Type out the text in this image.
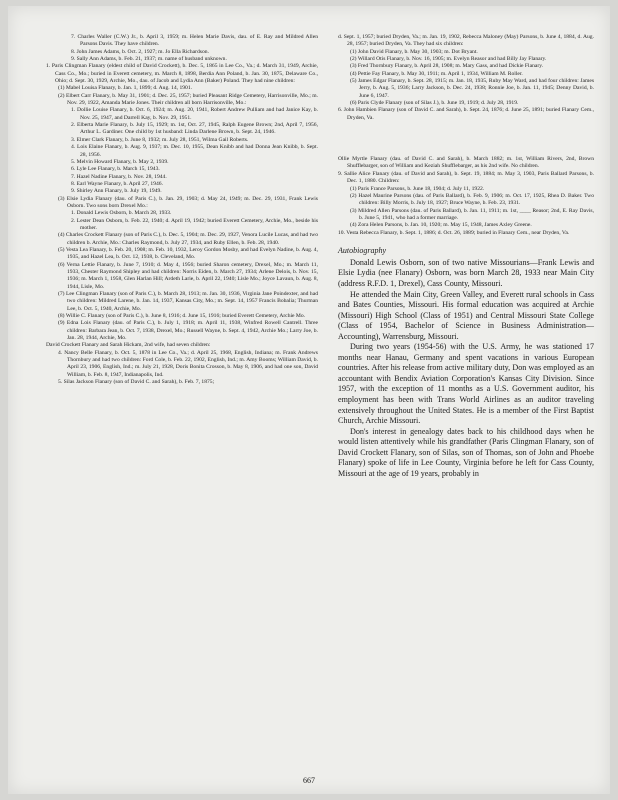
7. Charles Waller (C.W.) Jr., b. April 3, 1959; m. Helen Marie Davis, dau. of E. Ray and Mildred Allen Parsons Davis. They have children.

8. John James Adams, b. Oct. 2, 1927; m. Jo Ella Richardson.

9. Sally Ann Adams, b. Feb. 21, 1937; m. name of husband unknown.

1. Paris Clingman Flanary (eldest child of David Crockett), b. Dec. 5, 1865 in Lee Co., Va.; d. March 31, 1949, Archie, Cass Co., Mo.; buried in Everett cemetery, m. March 8, 1898, Berdia Ann Poland, b. Jan. 30, 1875, Delaware Co., Ohio; d. Sept. 30, 1929, Archie, Mo., dau. of Jacob and Lydia Ann (Baker) Poland. They had nine children:

(1) Mabel Louisa Flanary, b. Jan. 1, 1899; d. Aug. 14, 1901.

(2) Elbert Carr Flanary, b. May 31, 1901; d. Dec. 25, 1957; buried Pleasant Ridge Cemetery, Harrisonville, Mo.; m. Nov. 29, 1922, Amanda Marie Jones. Their children all born Harrisonville, Mo.:

1. Dollie Louise Flanary, b. Oct. 6, 1924; m. Aug. 20, 1941, Robert Andrew Pulliam and had Janice Kay, b. Nov. 25, 1947, and Darrell Kay, b. Nov. 29, 1951.

2. Elberta Marie Flanary, b. July 15, 1929; m. 1st, Oct. 27, 1945, Ralph Eugene Brown; 2nd, April 7, 1956, Arthur L. Gardiner. One child by 1st husband: Linda Darlene Brown, b. Sept. 24, 1946.

3. Elmer Clark Flanary, b. June 8, 1932; m. July 28, 1951, Wilma Gail Roberts.

4. Lois Elaine Flanary, b. Aug. 9, 1937; m. Dec. 10, 1955, Dean Knibb and had Donna Jean Knibb, b. Sept. 28, 1956.

5. Melvin Howard Flanary, b. May 2, 1939.

6. Lyle Lee Flanary, b. March 15, 1943.

7. Hazel Nadine Flanary, b. Nov. 28, 1944.

8. Earl Wayne Flanary, b. April 27, 1946.

9. Shirley Ann Flanary, b. July 19, 1949.

(3) Elsie Lydia Flanary (dau. of Paris C.), b. Jan. 29, 1903; d. May 24, 1949; m. Dec. 29, 1931, Frank Lewis Osborn. Two sons born Drexel Mo.:

1. Donald Lewis Osborn, b. March 28, 1933.

2. Lester Dean Osborn, b. Feb. 22, 1940; d. April 19, 1942; buried Everett Cemetery, Archie, Mo., beside his mother.

(4) Charles Crockett Flanary (son of Paris C.), b. Dec. 5, 1904; m. Dec. 29, 1927, Venora Lucile Lucas, and had two children b. Archie, Mo.: Charles Raymond, b. July 27, 1934, and Ruby Ellen, b. Feb. 28, 1940.

(5) Vesta Lea Flanary, b. Feb. 20, 1908; m. Feb. 10, 1932, Leroy Gordon Mosby, and had Evelyn Nadine, b. Aug. 4, 1935, and Hazel Lea, b. Oct. 12, 1938, b. Cleveland, Mo.

(6) Verna Lettie Flanary, b. June 7, 1910; d. May 4, 1956; buried Sharon cemetery, Drexel, Mo.; m. March 11, 1933, Chester Raymond Shipley and had children: Norris Eiden, b. March 27, 1934; Arlene Delois, b. Nov. 15, 1936; m. March 1, 1958, Glen Harlan Hill; Ardeth Larie, b. April 22, 1940; Lisle Mo.; Joyce Lavaun, b. Aug. 8, 1944, Lisle, Mo.

(7) Lee Clingman Flanary (son of Paris C.), b. March 28, 1913; m. Jan. 30, 1936, Virginia Jane Poindexter, and had two children: Mildred Larene, b. Jan. 14, 1937, Kansas City, Mo.; m. Sept. 14, 1957 Francis Bobalia; Thurman Lee, b. Oct. 5, 1940, Archie, Mo.

(8) Willie C. Flanary (son of Paris C.), b. June 8, 1916; d. June 15, 1916; buried Everett Cemetery, Archie Mo.

(9) Edna Lois Flanary (dau. of Paris C.), b. July 1, 1918; m. April 11, 1938, Winfred Rowell Cantrell. Three children: Barbara Jean, b. Oct. 7, 1938, Drexel, Mo.; Russell Wayne, b. Sept. 4, 1942, Archie Mo.; Larry Joe, b. Jan. 28, 1944, Archie, Mo.

David Crockett Flanary and Sarah Hickam, 2nd wife, had seven children:

4. Nancy Belle Flanary, b. Oct. 5, 1878 in Lee Co., Va.; d. April 25, 1968, English, Indiana; m. Frank Andrews Thornbury and had two children: Ford Cole, b. Feb. 22, 1902, English, Ind.; m. Amy Booms; William David, b. April 23, 1906, English, Ind.; m. July 21, 1928, Doris Bonita Crosson, b. May 8, 1906, and had one son, David William, b. Feb. 8, 1947, Indianapolis, Ind.

5. Silas Jackson Flanary (son of David C. and Sarah), b. Feb. 7, 1875;

d. Sept. 1, 1957; buried Dryden, Va.; m. Jan. 19, 1902, Rebecca Maloney (May) Parsons, b. June 4, 1884, d. Aug. 28, 1957; buried Dryden, Va. They had six children:

(1) John David Flanary, b. May 30, 1903; m. Dot Bryant.

(2) Willard Otis Flanary, b. Nov. 16, 1905; m. Evelyn Reasor and had Billy Jay Flanary.

(3) Fred Thornbury Flanary, b. April 28, 1908; m. Mary Gass, and had Dickie Flanary.

(4) Pettie Fay Flanary, b. May 30, 1911; m. April 1, 1934, William M. Roller.

(5) James Edgar Flanary, b. Sept. 28, 1915; m. Jan. 18, 1935, Ruby May Ward, and had four children: James Jerry, b. Aug. 5, 1936; Larry Jackson, b. Dec. 24, 1938; Ronnie Joe, b. Jan. 11, 1945; Denny David, b. June 6, 1947.

(6) Paris Clyde Flanary (son of Silas J.), b. June 19, 1919; d. July 28, 1919.

6. John Hambien Flanary (son of David C. and Sarah), b. Sept. 24, 1876; d. June 25, 1891; buried Flanary Cem., Dryden, Va.

Ollie Myrtle Flanary (dau. of David C. and Sarah), b. March 1882; m. 1st, William Rivers, 2nd, Brown Shufflebarger, son of William and Keziah Shufflebarger, as his 2nd wife. No children.

9. Sallie Alice Flanary (dau. of David and Sarah), b. Sept. 19, 1884; m. May 3, 1903, Paris Ballard Parsons, b. Dec. 1, 1880. Children:

(1) Paris France Parsons, b. June 18, 1904; d. July 11, 1922.

(2) Hazel Maurine Parsons (dau. of Paris Ballard), b. Feb. 9, 1906; m. Oct. 17, 1925, Rhea D. Baker. Two children: Billy Morris, b. July 18, 1927; Bruce Wayne, b. Feb. 23, 1931.

(3) Mildred Allen Parsons (dau. of Paris Ballard), b. Jan. 11, 1911; m. 1st, ____ Reasor; 2nd, E. Ray Davis, b. June 5, 1941, who had a former marriage.

(4) Zora Helen Parsons, b. Jan. 10, 1920; m. May 15, 1948, James Axley Greene.

10. Vesta Rebecca Flanary, b. Sept. 1, 1886; d. Oct. 26, 1889; buried in Flanary Cem., near Dryden, Va.

Autobiography

Donald Lewis Osborn, son of two native Missourians—Frank Lewis and Elsie Lydia (nee Flanary) Osborn, was born March 28, 1933 near Main City (address R.F.D. 1, Drexel), Cass County, Missouri.

He attended the Main City, Green Valley, and Everett rural schools in Cass and Bates Counties, Missouri. His formal education was acquired at Archie (Missouri) High School (Class of 1951) and Central Missouri State College (Class of 1954, Bachelor of Science in Business Administration—Accounting), Warrensburg, Missouri.

During two years (1954-56) with the U.S. Army, he was stationed 17 months near Hanau, Germany and spent vacations in various European countries. After his release from active military duty, Don was employed as an accountant with Bendix Aviation Corporation's Kansas City Division. Since 1957, with the exception of 11 months as a U.S. Government auditor, his employment has been with Trans World Airlines as an auditor traveling extensively throughout the United States. He is a member of the First Baptist Church, Archie Missouri.

Don's interest in genealogy dates back to his childhood days when he would listen attentively while his grandfather (Paris Clingman Flanary, son of David Crockett Flanary, son of Silas, son of Thomas, son of John and Phoebe Flanary) spoke of life in Lee County, Virginia before he left for Cass County, Missouri at the age of 19 years, probably in

667
